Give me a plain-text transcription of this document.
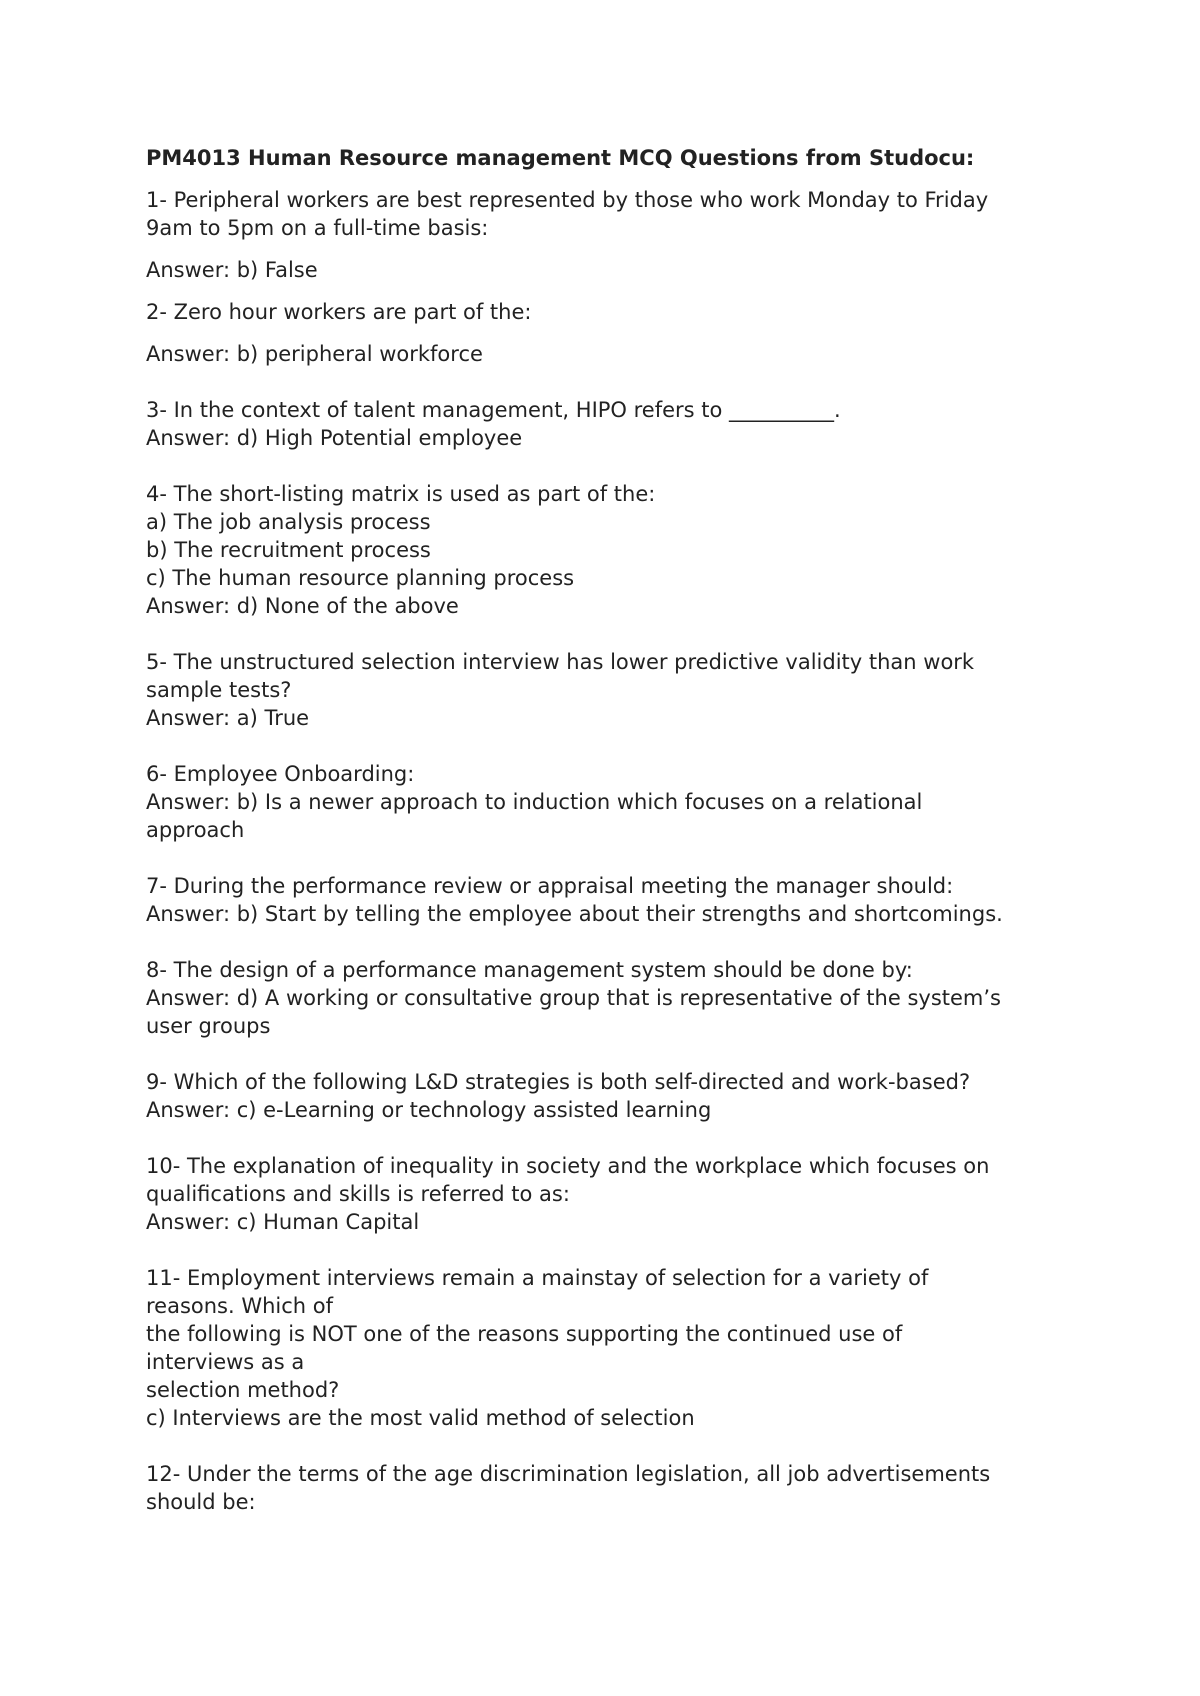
PM4013 Human Resource management MCQ Questions from Studocu:
1- Peripheral workers are best represented by those who work Monday to Friday
9am to 5pm on a full-time basis:
Answer: b) False
2- Zero hour workers are part of the:
Answer: b) peripheral workforce
3- In the context of talent management, HIPO refers to __________.
Answer: d) High Potential employee
4- The short-listing matrix is used as part of the:
a) The job analysis process
b) The recruitment process
c) The human resource planning process
Answer: d) None of the above
5- The unstructured selection interview has lower predictive validity than work
sample tests?
Answer: a) True
6- Employee Onboarding:
Answer: b) Is a newer approach to induction which focuses on a relational
approach
7- During the performance review or appraisal meeting the manager should:
Answer: b) Start by telling the employee about their strengths and shortcomings.
8- The design of a performance management system should be done by:
Answer: d) A working or consultative group that is representative of the system’s
user groups
9- Which of the following L&D strategies is both self-directed and work-based?
Answer: c) e-Learning or technology assisted learning
10- The explanation of inequality in society and the workplace which focuses on
qualifications and skills is referred to as:
Answer: c) Human Capital
11- Employment interviews remain a mainstay of selection for a variety of
reasons. Which of
the following is NOT one of the reasons supporting the continued use of
interviews as a
selection method?
c) Interviews are the most valid method of selection
12- Under the terms of the age discrimination legislation, all job advertisements
should be:
